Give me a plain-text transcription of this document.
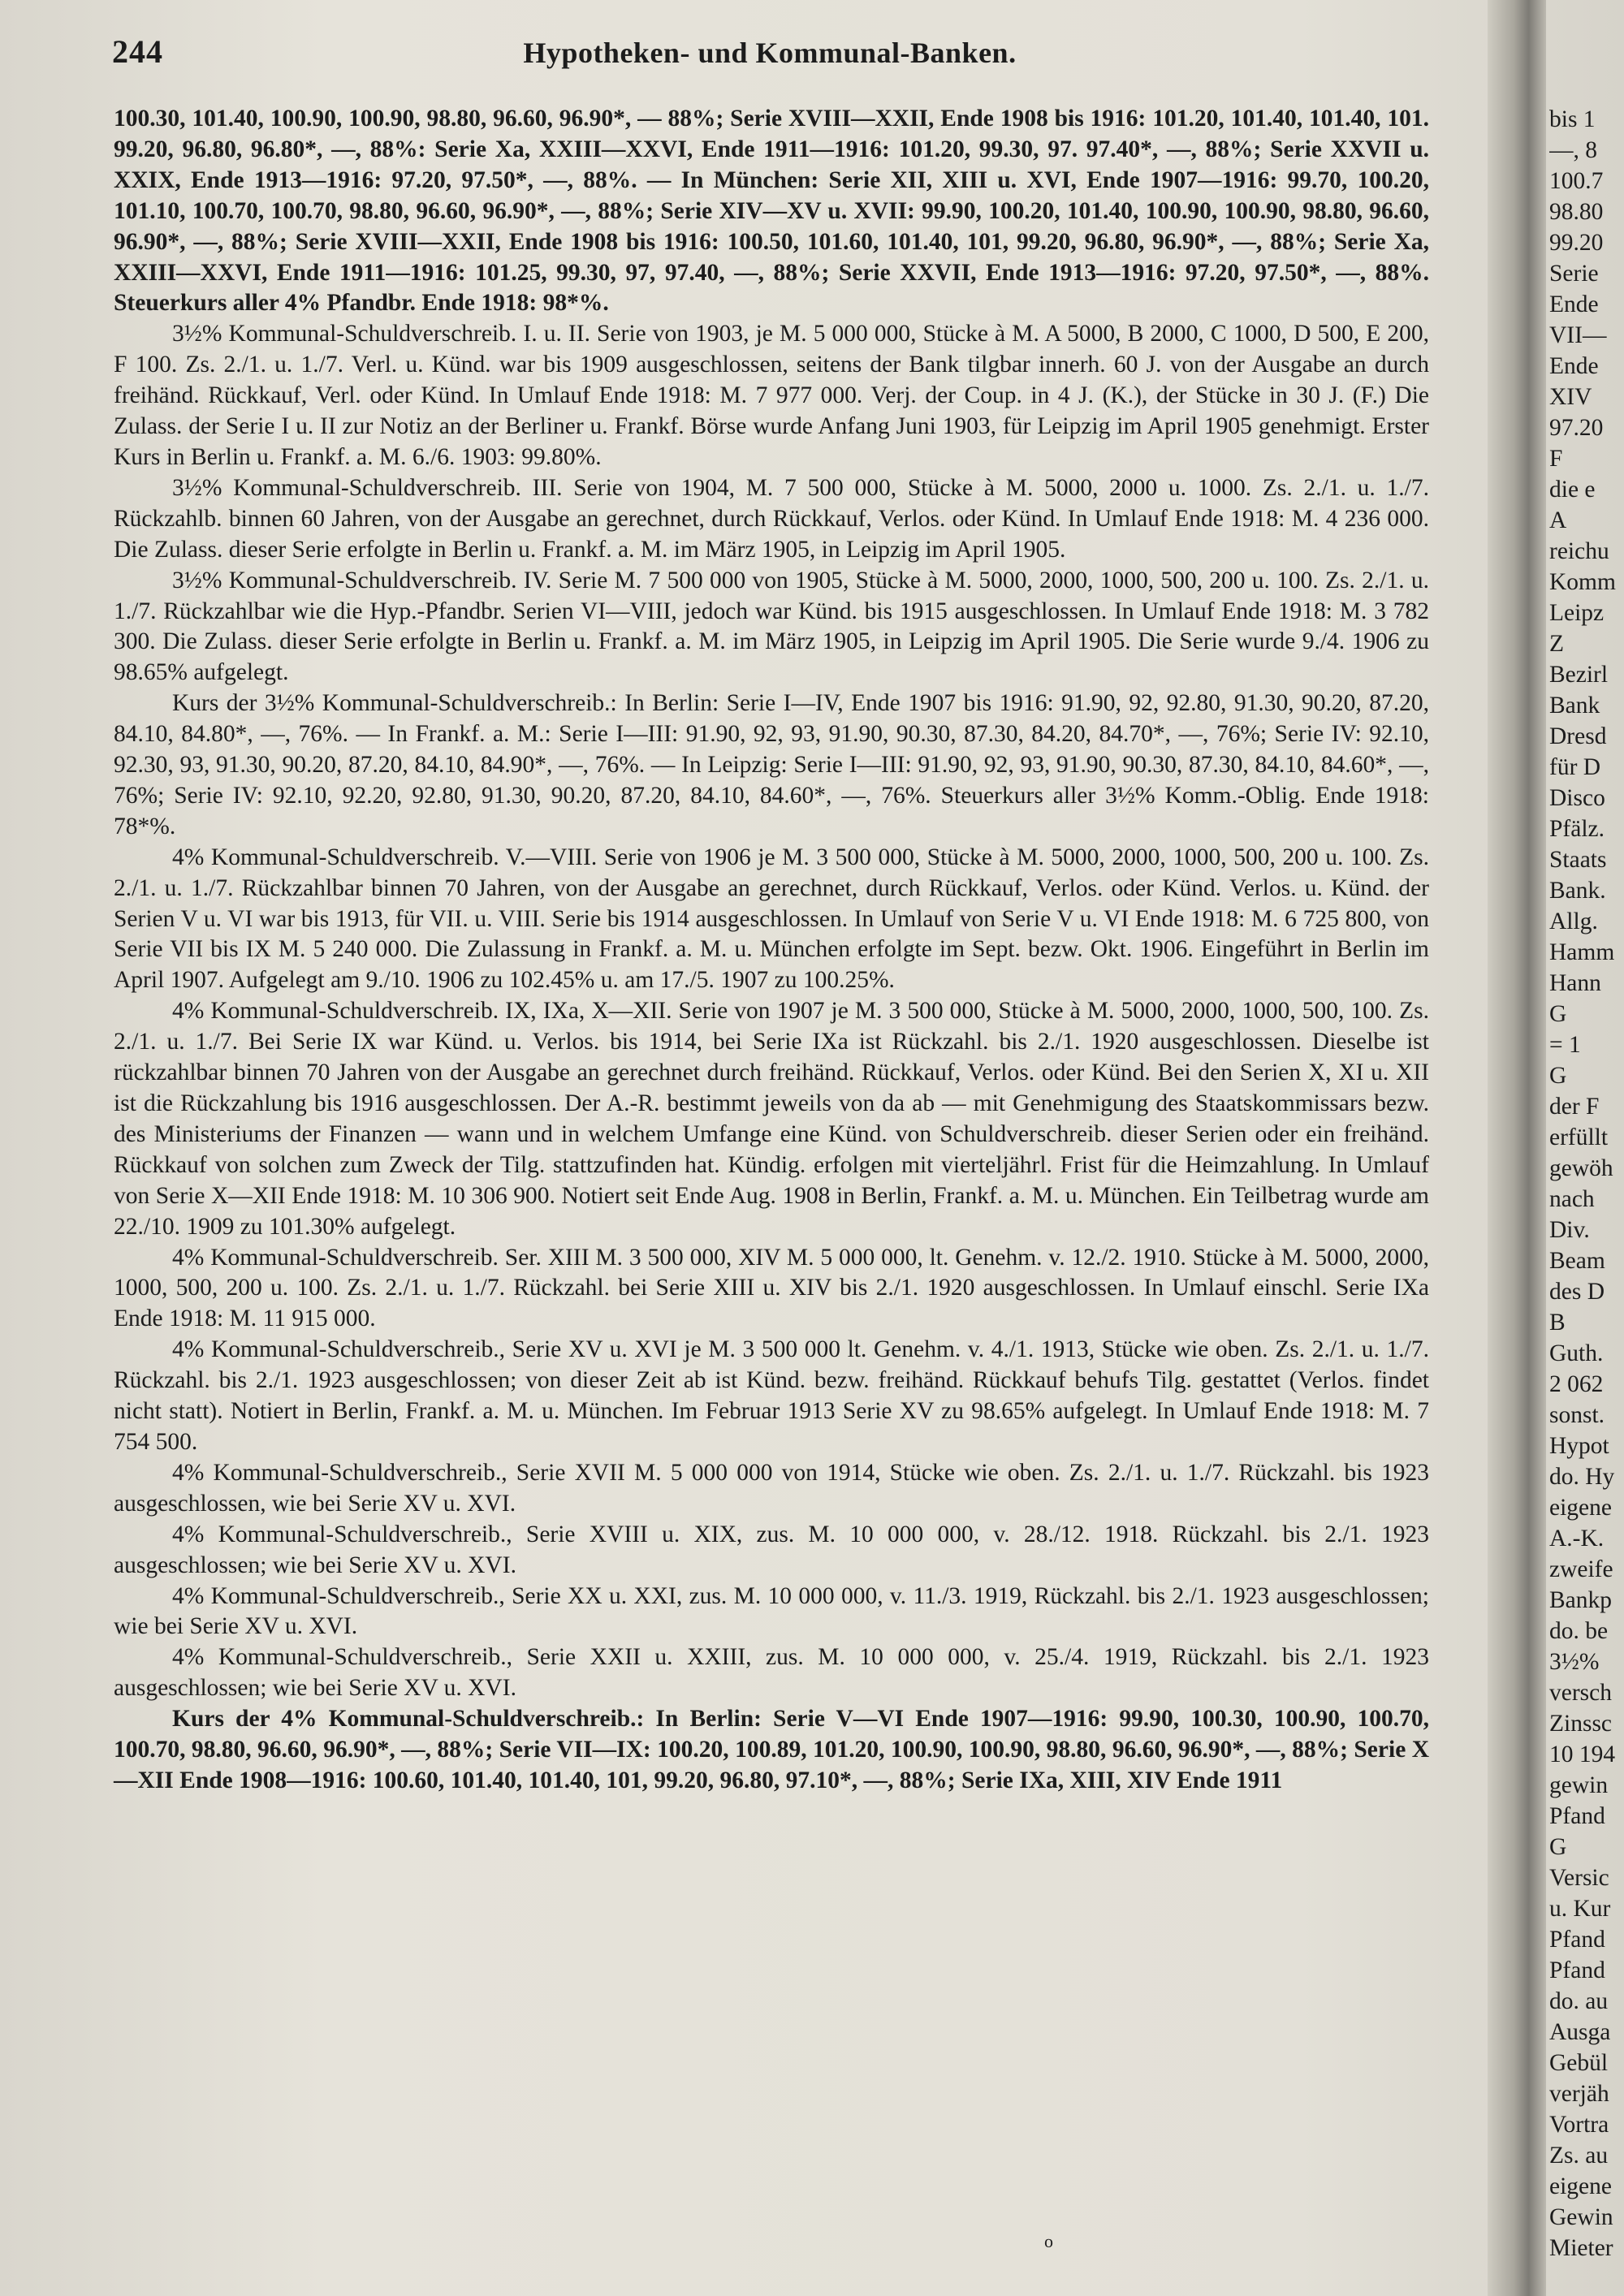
244	Hypotheken- und Kommunal-Banken.

100.30, 101.40, 100.90, 100.90, 98.80, 96.60, 96.90*, — 88%; Serie XVIII—XXII, Ende 1908 bis 1916: 101.20, 101.40, 101.40, 101. 99.20, 96.80, 96.80*, —, 88%: Serie Xa, XXIII—XXVI, Ende 1911—1916: 101.20, 99.30, 97. 97.40*, —, 88%; Serie XXVII u. XXIX, Ende 1913—1916: 97.20, 97.50*, —, 88%. — In München: Serie XII, XIII u. XVI, Ende 1907—1916: 99.70, 100.20, 101.10, 100.70, 100.70, 98.80, 96.60, 96.90*, —, 88%; Serie XIV—XV u. XVII: 99.90, 100.20, 101.40, 100.90, 100.90, 98.80, 96.60, 96.90*, —, 88%; Serie XVIII—XXII, Ende 1908 bis 1916: 100.50, 101.60, 101.40, 101, 99.20, 96.80, 96.90*, —, 88%; Serie Xa, XXIII—XXVI, Ende 1911—1916: 101.25, 99.30, 97, 97.40, —, 88%; Serie XXVII, Ende 1913—1916: 97.20, 97.50*, —, 88%. Steuerkurs aller 4% Pfandbr. Ende 1918: 98*%.

3½% Kommunal-Schuldverschreib. I. u. II. Serie von 1903, je M. 5 000 000, Stücke à M. A 5000, B 2000, C 1000, D 500, E 200, F 100. Zs. 2./1. u. 1./7. Verl. u. Künd. war bis 1909 ausgeschlossen, seitens der Bank tilgbar innerh. 60 J. von der Ausgabe an durch freihänd. Rückkauf, Verl. oder Künd. In Umlauf Ende 1918: M. 7 977 000. Verj. der Coup. in 4 J. (K.), der Stücke in 30 J. (F.) Die Zulass. der Serie I u. II zur Notiz an der Berliner u. Frankf. Börse wurde Anfang Juni 1903, für Leipzig im April 1905 genehmigt. Erster Kurs in Berlin u. Frankf. a. M. 6./6. 1903: 99.80%.

3½% Kommunal-Schuldverschreib. III. Serie von 1904, M. 7 500 000, Stücke à M. 5000, 2000 u. 1000. Zs. 2./1. u. 1./7. Rückzahlb. binnen 60 Jahren, von der Ausgabe an gerechnet, durch Rückkauf, Verlos. oder Künd. In Umlauf Ende 1918: M. 4 236 000. Die Zulass. dieser Serie erfolgte in Berlin u. Frankf. a. M. im März 1905, in Leipzig im April 1905.

3½% Kommunal-Schuldverschreib. IV. Serie M. 7 500 000 von 1905, Stücke à M. 5000, 2000, 1000, 500, 200 u. 100. Zs. 2./1. u. 1./7. Rückzahlbar wie die Hyp.-Pfandbr. Serien VI—VIII, jedoch war Künd. bis 1915 ausgeschlossen. In Umlauf Ende 1918: M. 3 782 300. Die Zulass. dieser Serie erfolgte in Berlin u. Frankf. a. M. im März 1905, in Leipzig im April 1905. Die Serie wurde 9./4. 1906 zu 98.65% aufgelegt.

Kurs der 3½% Kommunal-Schuldverschreib.: In Berlin: Serie I—IV, Ende 1907 bis 1916: 91.90, 92, 92.80, 91.30, 90.20, 87.20, 84.10, 84.80*, —, 76%. — In Frankf. a. M.: Serie I—III: 91.90, 92, 93, 91.90, 90.30, 87.30, 84.20, 84.70*, —, 76%; Serie IV: 92.10, 92.30, 93, 91.30, 90.20, 87.20, 84.10, 84.90*, —, 76%. — In Leipzig: Serie I—III: 91.90, 92, 93, 91.90, 90.30, 87.30, 84.10, 84.60*, —, 76%; Serie IV: 92.10, 92.20, 92.80, 91.30, 90.20, 87.20, 84.10, 84.60*, —, 76%. Steuerkurs aller 3½% Komm.-Oblig. Ende 1918: 78*%.

4% Kommunal-Schuldverschreib. V.—VIII. Serie von 1906 je M. 3 500 000, Stücke à M. 5000, 2000, 1000, 500, 200 u. 100. Zs. 2./1. u. 1./7. Rückzahlbar binnen 70 Jahren, von der Ausgabe an gerechnet, durch Rückkauf, Verlos. oder Künd. Verlos. u. Künd. der Serien V u. VI war bis 1913, für VII. u. VIII. Serie bis 1914 ausgeschlossen. In Umlauf von Serie V u. VI Ende 1918: M. 6 725 800, von Serie VII bis IX M. 5 240 000. Die Zulassung in Frankf. a. M. u. München erfolgte im Sept. bezw. Okt. 1906. Eingeführt in Berlin im April 1907. Aufgelegt am 9./10. 1906 zu 102.45% u. am 17./5. 1907 zu 100.25%.

4% Kommunal-Schuldverschreib. IX, IXa, X—XII. Serie von 1907 je M. 3 500 000, Stücke à M. 5000, 2000, 1000, 500, 100. Zs. 2./1. u. 1./7. Bei Serie IX war Künd. u. Verlos. bis 1914, bei Serie IXa ist Rückzahl. bis 2./1. 1920 ausgeschlossen. Dieselbe ist rückzahlbar binnen 70 Jahren von der Ausgabe an gerechnet durch freihänd. Rückkauf, Verlos. oder Künd. Bei den Serien X, XI u. XII ist die Rückzahlung bis 1916 ausgeschlossen. Der A.-R. bestimmt jeweils von da ab — mit Genehmigung des Staatskommissars bezw. des Ministeriums der Finanzen — wann und in welchem Umfange eine Künd. von Schuldverschreib. dieser Serien oder ein freihänd. Rückkauf von solchen zum Zweck der Tilg. stattzufinden hat. Kündig. erfolgen mit vierteljährl. Frist für die Heimzahlung. In Umlauf von Serie X—XII Ende 1918: M. 10 306 900. Notiert seit Ende Aug. 1908 in Berlin, Frankf. a. M. u. München. Ein Teilbetrag wurde am 22./10. 1909 zu 101.30% aufgelegt.

4% Kommunal-Schuldverschreib. Ser. XIII M. 3 500 000, XIV M. 5 000 000, lt. Genehm. v. 12./2. 1910. Stücke à M. 5000, 2000, 1000, 500, 200 u. 100. Zs. 2./1. u. 1./7. Rückzahl. bei Serie XIII u. XIV bis 2./1. 1920 ausgeschlossen. In Umlauf einschl. Serie IXa Ende 1918: M. 11 915 000.

4% Kommunal-Schuldverschreib., Serie XV u. XVI je M. 3 500 000 lt. Genehm. v. 4./1. 1913, Stücke wie oben. Zs. 2./1. u. 1./7. Rückzahl. bis 2./1. 1923 ausgeschlossen; von dieser Zeit ab ist Künd. bezw. freihänd. Rückkauf behufs Tilg. gestattet (Verlos. findet nicht statt). Notiert in Berlin, Frankf. a. M. u. München. Im Februar 1913 Serie XV zu 98.65% aufgelegt. In Umlauf Ende 1918: M. 7 754 500.

4% Kommunal-Schuldverschreib., Serie XVII M. 5 000 000 von 1914, Stücke wie oben. Zs. 2./1. u. 1./7. Rückzahl. bis 1923 ausgeschlossen, wie bei Serie XV u. XVI.

4% Kommunal-Schuldverschreib., Serie XVIII u. XIX, zus. M. 10 000 000, v. 28./12. 1918. Rückzahl. bis 2./1. 1923 ausgeschlossen; wie bei Serie XV u. XVI.

4% Kommunal-Schuldverschreib., Serie XX u. XXI, zus. M. 10 000 000, v. 11./3. 1919, Rückzahl. bis 2./1. 1923 ausgeschlossen; wie bei Serie XV u. XVI.

4% Kommunal-Schuldverschreib., Serie XXII u. XXIII, zus. M. 10 000 000, v. 25./4. 1919, Rückzahl. bis 2./1. 1923 ausgeschlossen; wie bei Serie XV u. XVI.

Kurs der 4% Kommunal-Schuldverschreib.: In Berlin: Serie V—VI Ende 1907—1916: 99.90, 100.30, 100.90, 100.70, 100.70, 98.80, 96.60, 96.90*, —, 88%; Serie VII—IX: 100.20, 100.89, 101.20, 100.90, 100.90, 98.80, 96.60, 96.90*, —, 88%; Serie X—XII Ende 1908—1916: 100.60, 101.40, 101.40, 101, 99.20, 96.80, 97.10*, —, 88%; Serie IXa, XIII, XIV Ende 1911

bis 1
—, 8
100.7
98.80
99.20
Serie
Ende
VII—
Ende
XIV
97.20
F
die e
A
reichu
Komm
Leipz
Z
Bezirl
Bank
Dresd
für D
Disco
Pfälz.
Staats
Bank.
Allg.
Hamm
Hann
G
= 1
G
der F
erfüllt
gewöh
nach
Div.
Beam
des D
B
Guth.
2 062
sonst.
Hypot
do. Hy
eigene
A.-K.
zweife
Bankp
do. be
3½%
versch
Zinssc
10 194
gewin
Pfand
G
Versic
u. Kur
Pfand
Pfand
do. au
Ausga
Gebül
verjäh
Vortra
Zs. au
eigene
Gewin
Mieter
o
